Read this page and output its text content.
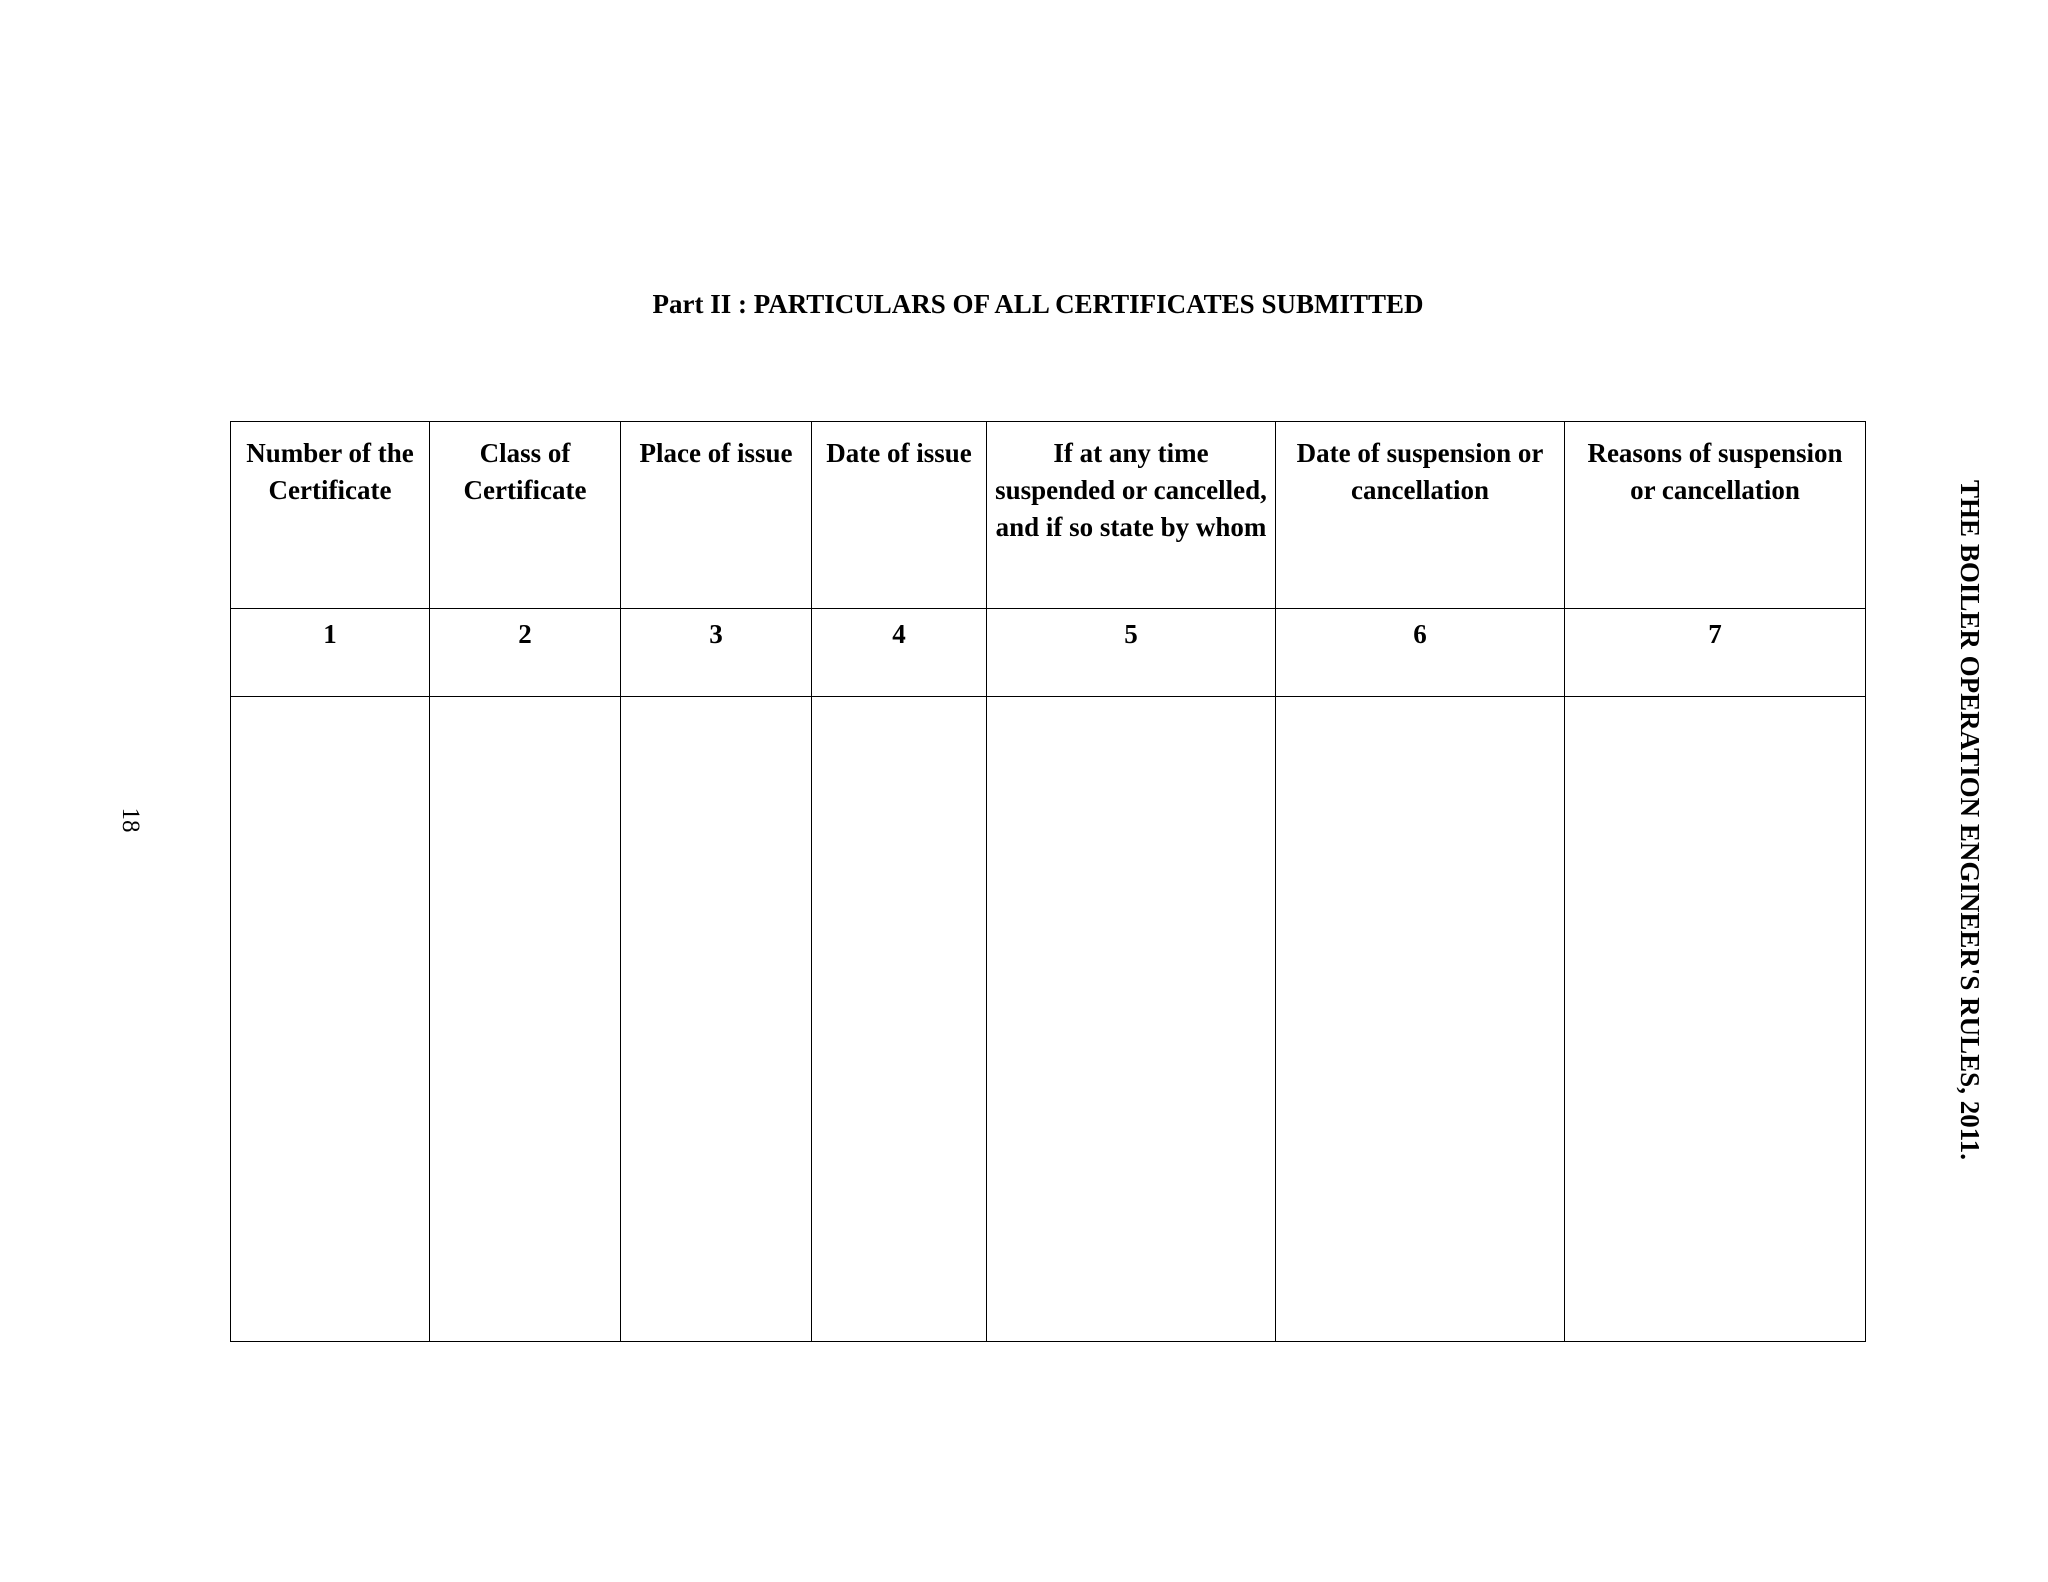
Part II : PARTICULARS OF ALL CERTIFICATES SUBMITTED
18	THE BOILER OPERATION ENGINEER'S RULES, 2011.
Number of the Certificate	Class of Certificate	Place of issue	Date of issue	If at any time suspended or cancelled, and if so state by whom	Date of suspension or cancellation	Reasons of suspension or cancellation

1	2	3	4	5	6	7
